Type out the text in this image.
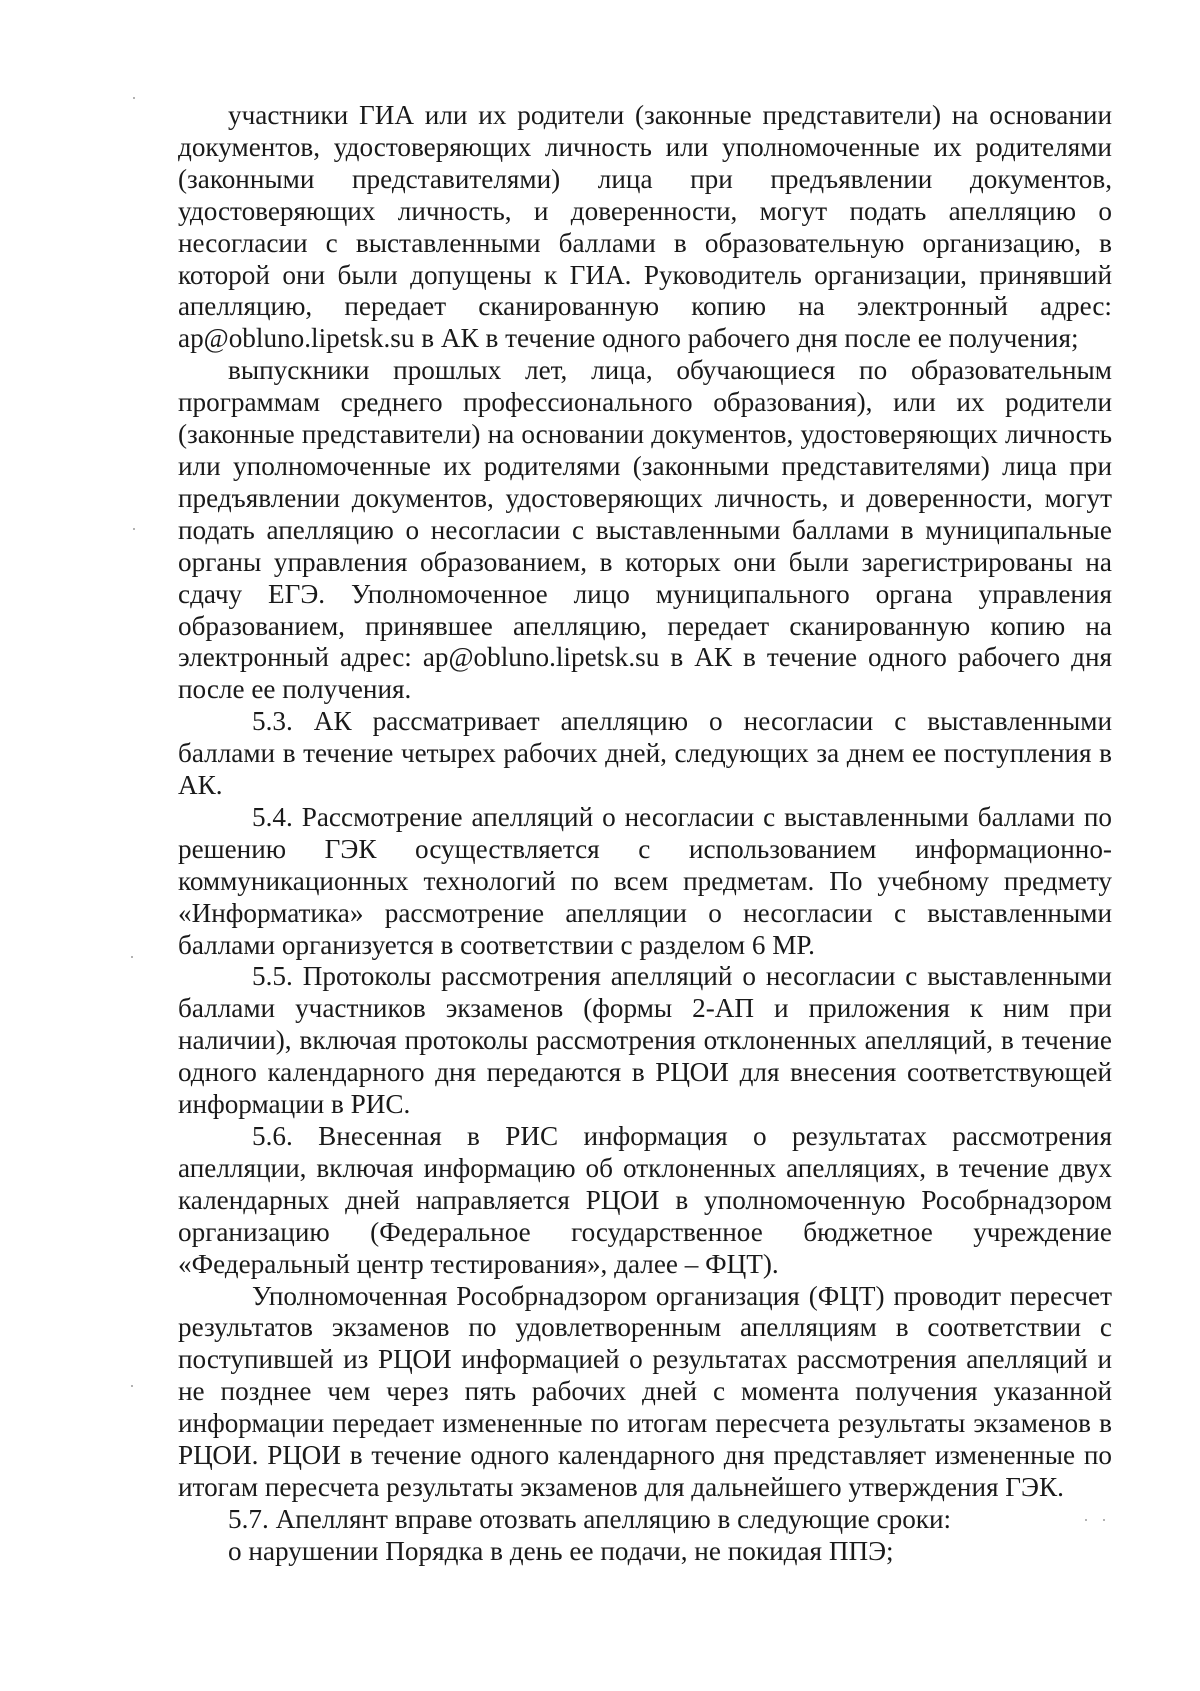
участники ГИА или их родители (законные представители) на основании документов, удостоверяющих личность или уполномоченные их родителями (законными представителями) лица при предъявлении документов, удостоверяющих личность, и доверенности, могут подать апелляцию о несогласии с выставленными баллами в образовательную организацию, в которой они были допущены к ГИА. Руководитель организации, принявший апелляцию, передает сканированную копию на электронный адрес: ap@obluno.lipetsk.su в АК в течение одного рабочего дня после ее получения;

выпускники прошлых лет, лица, обучающиеся по образовательным программам среднего профессионального образования), или их родители (законные представители) на основании документов, удостоверяющих личность или уполномоченные их родителями (законными представителями) лица при предъявлении документов, удостоверяющих личность, и доверенности, могут подать апелляцию о несогласии с выставленными баллами в муниципальные органы управления образованием, в которых они были зарегистрированы на сдачу ЕГЭ. Уполномоченное лицо муниципального органа управления образованием, принявшее апелляцию, передает сканированную копию на электронный адрес: ap@obluno.lipetsk.su в АК в течение одного рабочего дня после ее получения.

5.3. АК рассматривает апелляцию о несогласии с выставленными баллами в течение четырех рабочих дней, следующих за днем ее поступления в АК.

5.4. Рассмотрение апелляций о несогласии с выставленными баллами по решению ГЭК осуществляется с использованием информационно-коммуникационных технологий по всем предметам. По учебному предмету «Информатика» рассмотрение апелляции о несогласии с выставленными баллами организуется в соответствии с разделом 6 МР.

5.5. Протоколы рассмотрения апелляций о несогласии с выставленными баллами участников экзаменов (формы 2-АП и приложения к ним при наличии), включая протоколы рассмотрения отклоненных апелляций, в течение одного календарного дня передаются в РЦОИ для внесения соответствующей информации в РИС.

5.6. Внесенная в РИС информация о результатах рассмотрения апелляции, включая информацию об отклоненных апелляциях, в течение двух календарных дней направляется РЦОИ в уполномоченную Рособрнадзором организацию (Федеральное государственное бюджетное учреждение «Федеральный центр тестирования», далее – ФЦТ).

Уполномоченная Рособрнадзором организация (ФЦТ) проводит пересчет результатов экзаменов по удовлетворенным апелляциям в соответствии с поступившей из РЦОИ информацией о результатах рассмотрения апелляций и не позднее чем через пять рабочих дней с момента получения указанной информации передает измененные по итогам пересчета результаты экзаменов в РЦОИ. РЦОИ в течение одного календарного дня представляет измененные по итогам пересчета результаты экзаменов для дальнейшего утверждения ГЭК.

5.7. Апеллянт вправе отозвать апелляцию в следующие сроки:

о нарушении Порядка в день ее подачи, не покидая ППЭ;
